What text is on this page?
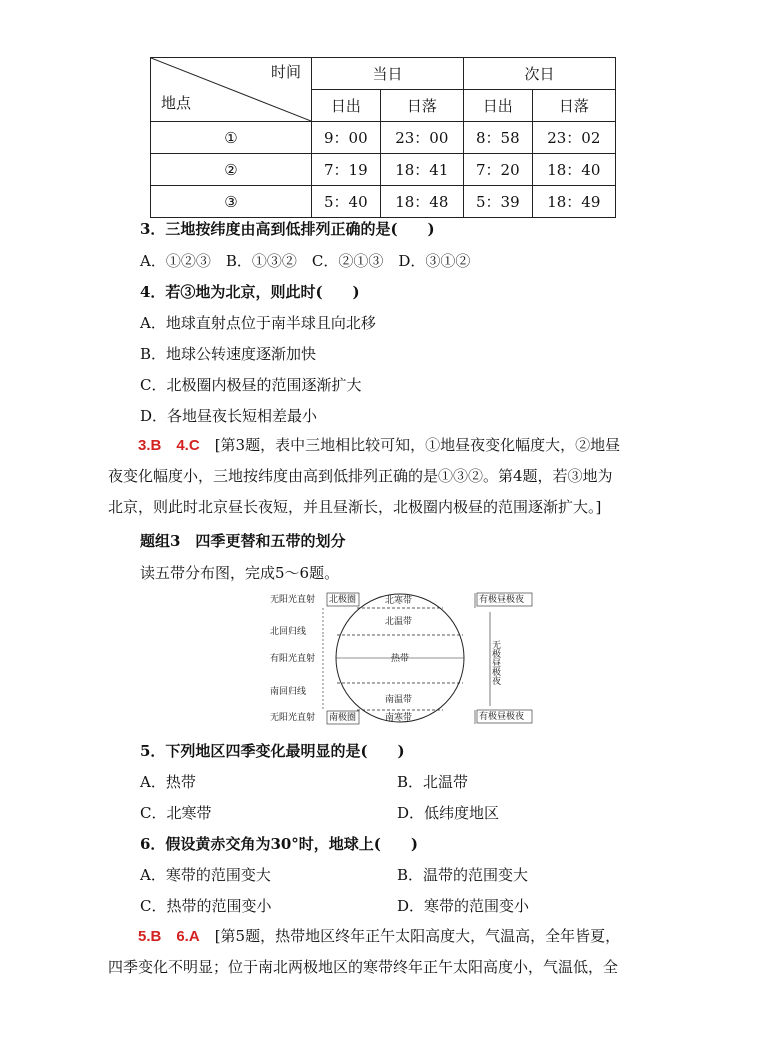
时间
地点	当日		次日	
	日出	日落	日出	日落
①	9：00	23：00	8：58	23：02
②	7：19	18：41	7：20	18：40
③	5：40	18：48	5：39	18：49
3．三地按纬度由高到低排列正确的是(　　)
A．①②③　B．①③②　C．②①③　D．③①②
4．若③地为北京，则此时(　　)
A．地球直射点位于南半球且向北移
B．地球公转速度逐渐加快
C．北极圈内极昼的范围逐渐扩大
D．各地昼夜长短相差最小
3.B　4.C　 [第3题，表中三地相比较可知，①地昼夜变化幅度大，②地昼
夜变化幅度小，三地按纬度由高到低排列正确的是①③②。第4题，若③地为
北京，则此时北京昼长夜短，并且昼渐长，北极圈内极昼的范围逐渐扩大。]
题组3　四季更替和五带的划分
读五带分布图，完成5～6题。
无阳光直射 北极圈
北回归线
有阳光直射
南回归线
无阳光直射 南极圈
北寒带
北温带
热带
南温带
南寒带
有极昼极夜
无极昼极夜
有极昼极夜
5．下列地区四季变化最明显的是(　　)
A．热带	B．北温带
C．北寒带	D．低纬度地区
6．假设黄赤交角为30°时，地球上(　　)
A．寒带的范围变大	B．温带的范围变大
C．热带的范围变小	D．寒带的范围变小
5.B　6.A　 [第5题，热带地区终年正午太阳高度大，气温高，全年皆夏，
四季变化不明显；位于南北两极地区的寒带终年正午太阳高度小，气温低，全
